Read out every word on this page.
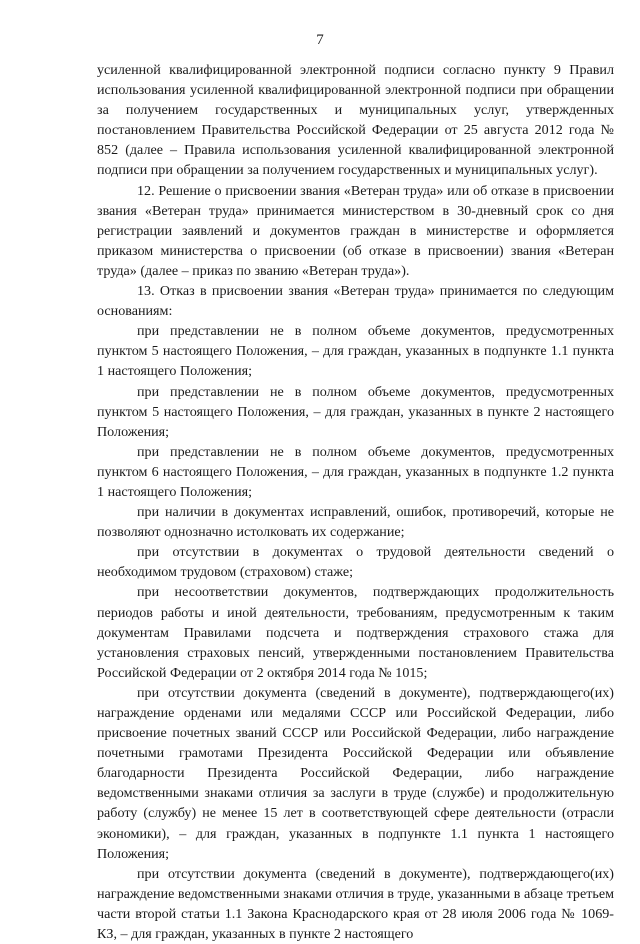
7

усиленной квалифицированной электронной подписи согласно пункту 9 Правил использования усиленной квалифицированной электронной подписи при обращении за получением государственных и муниципальных услуг, утвержденных постановлением Правительства Российской Федерации от 25 августа 2012 года № 852 (далее – Правила использования усиленной квалифицированной электронной подписи при обращении за получением государственных и муниципальных услуг).

12. Решение о присвоении звания «Ветеран труда» или об отказе в присвоении звания «Ветеран труда» принимается министерством в 30-дневный срок со дня регистрации заявлений и документов граждан в министерстве и оформляется приказом министерства о присвоении (об отказе в присвоении) звания «Ветеран труда» (далее – приказ по званию «Ветеран труда»).

13. Отказ в присвоении звания «Ветеран труда» принимается по следующим основаниям:

при представлении не в полном объеме документов, предусмотренных пунктом 5 настоящего Положения, – для граждан, указанных в подпункте 1.1 пункта 1 настоящего Положения;

при представлении не в полном объеме документов, предусмотренных пунктом 5 настоящего Положения, – для граждан, указанных в пункте 2 настоящего Положения;

при представлении не в полном объеме документов, предусмотренных пунктом 6 настоящего Положения, – для граждан, указанных в подпункте 1.2 пункта 1 настоящего Положения;

при наличии в документах исправлений, ошибок, противоречий, которые не позволяют однозначно истолковать их содержание;

при отсутствии в документах о трудовой деятельности сведений о необходимом трудовом (страховом) стаже;

при несоответствии документов, подтверждающих продолжительность периодов работы и иной деятельности, требованиям, предусмотренным к таким документам Правилами подсчета и подтверждения страхового стажа для установления страховых пенсий, утвержденными постановлением Правительства Российской Федерации от 2 октября 2014 года № 1015;

при отсутствии документа (сведений в документе), подтверждающего(их) награждение орденами или медалями СССР или Российской Федерации, либо присвоение почетных званий СССР или Российской Федерации, либо награждение почетными грамотами Президента Российской Федерации или объявление благодарности Президента Российской Федерации, либо награждение ведомственными знаками отличия за заслуги в труде (службе) и продолжительную работу (службу) не менее 15 лет в соответствующей сфере деятельности (отрасли экономики), – для граждан, указанных в подпункте 1.1 пункта 1 настоящего Положения;

при отсутствии документа (сведений в документе), подтверждающего(их) награждение ведомственными знаками отличия в труде, указанными в абзаце третьем части второй статьи 1.1 Закона Краснодарского края от 28 июля 2006 года № 1069-КЗ, – для граждан, указанных в пункте 2 настоящего
